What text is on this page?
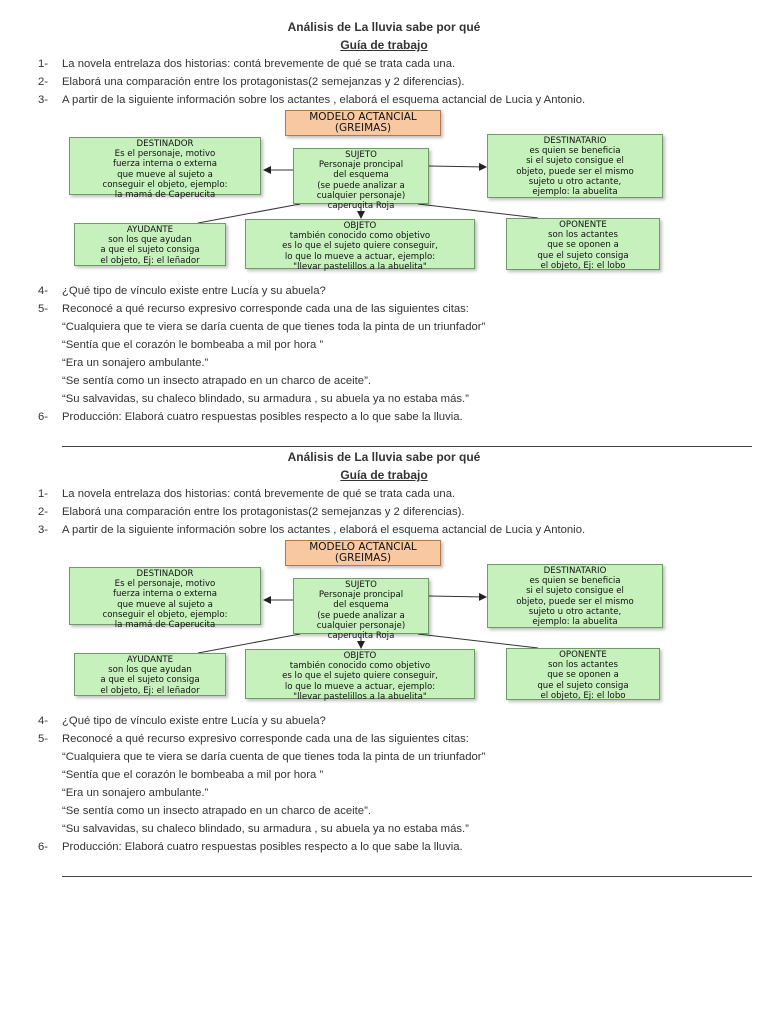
Análisis de La lluvia sabe por qué
Guía de trabajo
1- La novela entrelaza dos historias: contá brevemente de qué se trata cada una.
2- Elaborá una comparación entre los protagonistas(2 semejanzas y 2 diferencias).
3- A partir de la siguiente información sobre los actantes , elaborá el esquema actancial de Lucia y Antonio.
MODELO ACTANCIAL
(GREIMAS)
SUJETO
Personaje proncipal
del esquema
(se puede analizar a
cualquier personaje)
caperucita Roja
DESTINADOR
Es el personaje, motivo
fuerza interna o externa
que mueve al sujeto a
conseguir el objeto, ejemplo:
la mamá de Caperucita
DESTINATARIO
es quien se beneficia
si el sujeto consigue el
objeto, puede ser el mismo
sujeto u otro actante,
ejemplo: la abuelita
AYUDANTE
son los que ayudan
a que el sujeto consiga
el objeto, Ej: el leñador
OBJETO
también conocido como objetivo
es lo que el sujeto quiere conseguir,
lo que lo mueve a actuar, ejemplo:
"llevar pastelillos a la abuelita"
OPONENTE
son los actantes
que se oponen a
que el sujeto consiga
el objeto, Ej: el lobo
4- ¿Qué tipo de vínculo existe entre Lucía y su abuela?
5- Reconocé a qué recurso expresivo corresponde cada una de las siguientes citas:
“Cualquiera que te viera se daría cuenta de que tienes toda la pinta de un triunfador”
“Sentía que el corazón le bombeaba a mil por hora ”
“Era un sonajero ambulante.”
“Se sentía como un insecto atrapado en un charco de aceite”.
“Su salvavidas, su chaleco blindado, su armadura , su abuela ya no estaba más.”
6- Producción: Elaborá cuatro respuestas posibles respecto a lo que sabe la lluvia.
Análisis de La lluvia sabe por qué
Guía de trabajo
1- La novela entrelaza dos historias: contá brevemente de qué se trata cada una.
2- Elaborá una comparación entre los protagonistas(2 semejanzas y 2 diferencias).
3- A partir de la siguiente información sobre los actantes , elaborá el esquema actancial de Lucia y Antonio.
MODELO ACTANCIAL
(GREIMAS)
SUJETO
Personaje proncipal
del esquema
(se puede analizar a
cualquier personaje)
caperucita Roja
DESTINADOR
Es el personaje, motivo
fuerza interna o externa
que mueve al sujeto a
conseguir el objeto, ejemplo:
la mamá de Caperucita
DESTINATARIO
es quien se beneficia
si el sujeto consigue el
objeto, puede ser el mismo
sujeto u otro actante,
ejemplo: la abuelita
AYUDANTE
son los que ayudan
a que el sujeto consiga
el objeto, Ej: el leñador
OBJETO
también conocido como objetivo
es lo que el sujeto quiere conseguir,
lo que lo mueve a actuar, ejemplo:
"llevar pastelillos a la abuelita"
OPONENTE
son los actantes
que se oponen a
que el sujeto consiga
el objeto, Ej: el lobo
4- ¿Qué tipo de vínculo existe entre Lucía y su abuela?
5- Reconocé a qué recurso expresivo corresponde cada una de las siguientes citas:
“Cualquiera que te viera se daría cuenta de que tienes toda la pinta de un triunfador”
“Sentía que el corazón le bombeaba a mil por hora ”
“Era un sonajero ambulante.”
“Se sentía como un insecto atrapado en un charco de aceite”.
“Su salvavidas, su chaleco blindado, su armadura , su abuela ya no estaba más.”
6- Producción: Elaborá cuatro respuestas posibles respecto a lo que sabe la lluvia.
